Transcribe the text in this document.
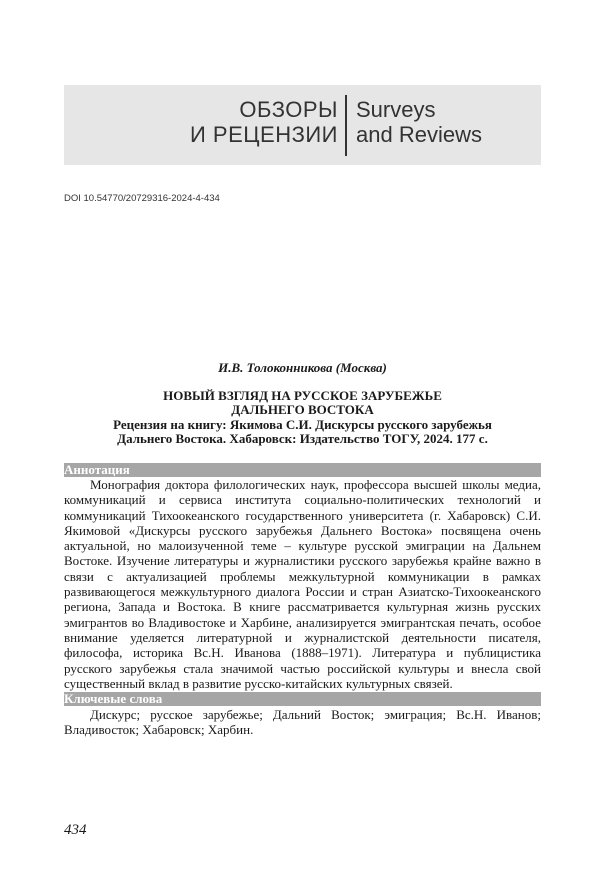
ОБЗОРЫ
И РЕЦЕНЗИИ
Surveys
and Reviews
DOI 10.54770/20729316-2024-4-434
И.В. Толоконникова (Москва)
НОВЫЙ ВЗГЛЯД НА РУССКОЕ ЗАРУБЕЖЬЕ
ДАЛЬНЕГО ВОСТОКА
Рецензия на книгу: Якимова С.И. Дискурсы русского зарубежья
Дальнего Востока. Хабаровск: Издательство ТОГУ, 2024. 177 с.
Аннотация
Монография доктора филологических наук, профессора высшей школы медиа, коммуникаций и сервиса института социально-политических технологий и коммуникаций Тихоокеанского государственного университета (г. Хабаровск) С.И. Якимовой «Дискурсы русского зарубежья Дальнего Востока» посвящена очень актуальной, но малоизученной теме – культуре русской эмиграции на Дальнем Востоке. Изучение литературы и журналистики русского зарубежья крайне важно в связи с актуализацией проблемы межкультурной коммуникации в рамках развивающегося межкультурного диалога России и стран Азиатско-Тихоокеанского региона, Запада и Востока. В книге рассматривается культурная жизнь русских эмигрантов во Владивостоке и Харбине, анализируется эмигрантская печать, особое внимание уделяется литературной и журналистской деятельности писателя, философа, историка Вс.Н. Иванова (1888–1971). Литература и публицистика русского зарубежья стала значимой частью российской культуры и внесла свой существенный вклад в развитие русско-китайских культурных связей.
Ключевые слова
Дискурс; русское зарубежье; Дальний Восток; эмиграция; Вс.Н. Иванов; Владивосток; Хабаровск; Харбин.
434
